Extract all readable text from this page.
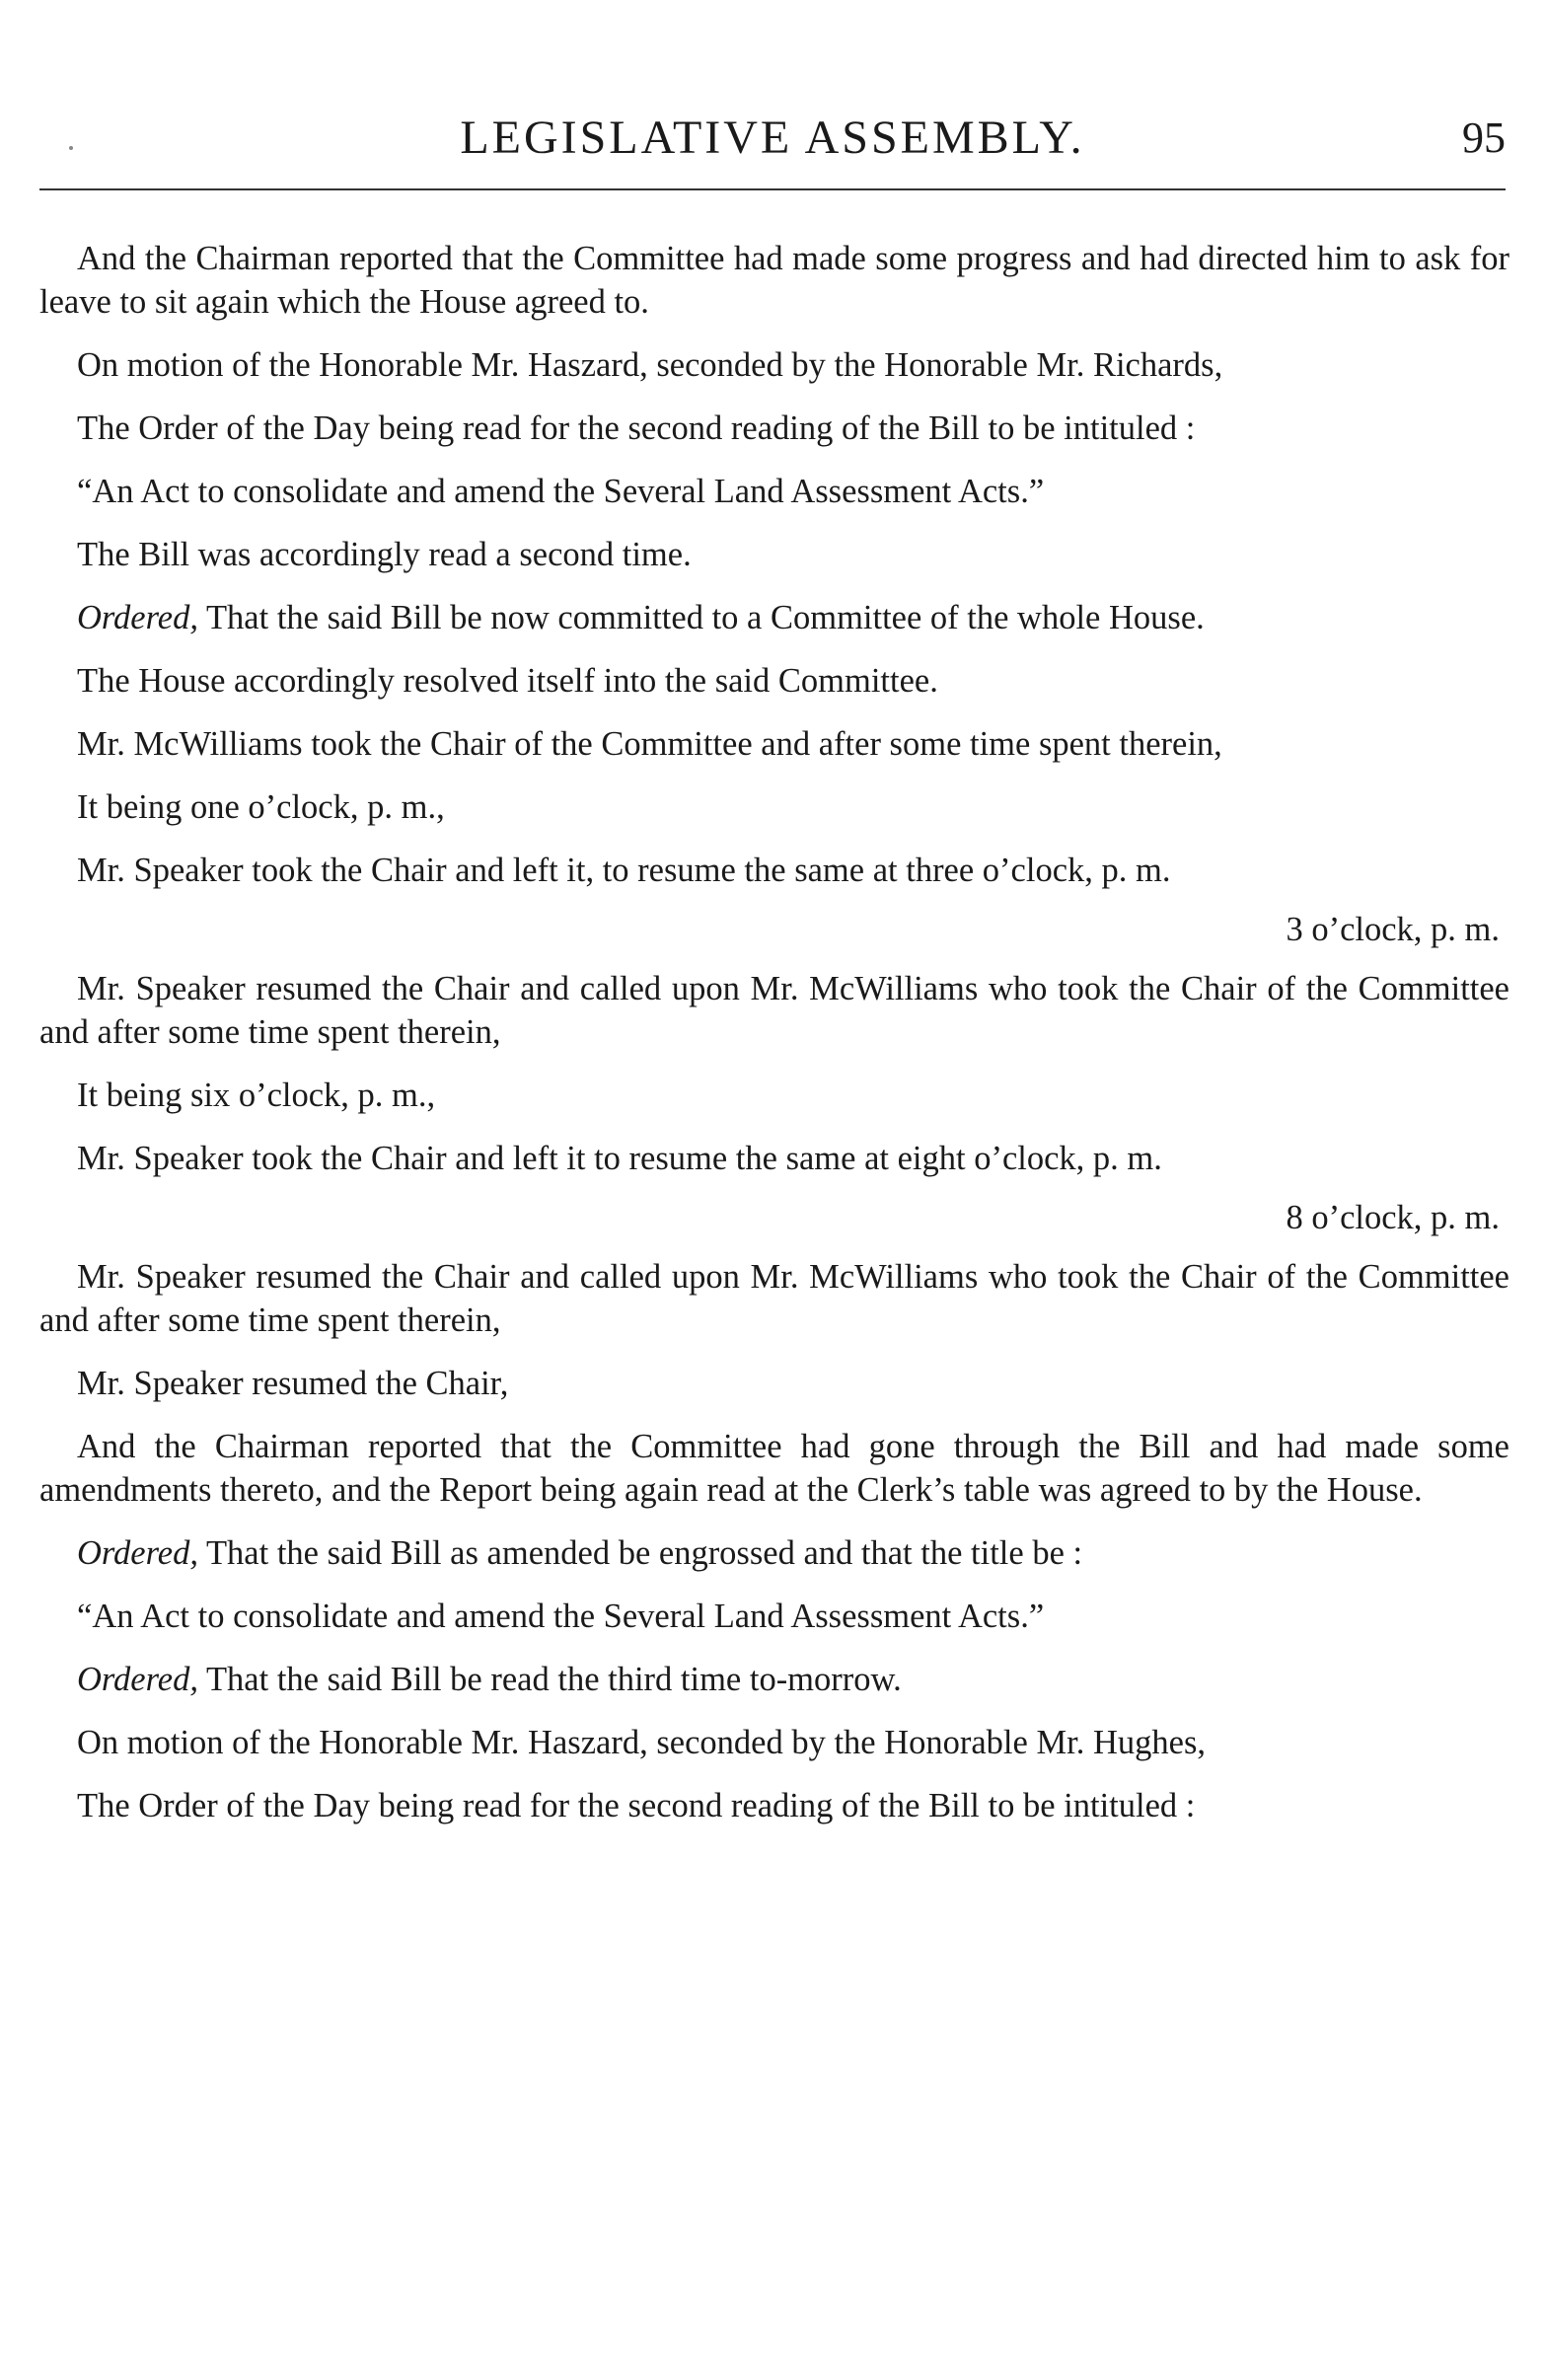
LEGISLATIVE ASSEMBLY.	95

And the Chairman reported that the Committee had made some progress and had directed him to ask for leave to sit again which the House agreed to.

On motion of the Honorable Mr. Haszard, seconded by the Honorable Mr. Richards,

The Order of the Day being read for the second reading of the Bill to be intituled :

“An Act to consolidate and amend the Several Land Assessment Acts.”

The Bill was accordingly read a second time.

Ordered, That the said Bill be now committed to a Committee of the whole House.

The House accordingly resolved itself into the said Committee.

Mr. McWilliams took the Chair of the Committee and after some time spent therein,

It being one o’clock, p. m.,

Mr. Speaker took the Chair and left it, to resume the same at three o’clock, p. m.

3 o’clock, p. m.

Mr. Speaker resumed the Chair and called upon Mr. McWilliams who took the Chair of the Committee and after some time spent therein,

It being six o’clock, p. m.,

Mr. Speaker took the Chair and left it to resume the same at eight o’clock, p. m.

8 o’clock, p. m.

Mr. Speaker resumed the Chair and called upon Mr. McWilliams who took the Chair of the Committee and after some time spent therein,

Mr. Speaker resumed the Chair,

And the Chairman reported that the Committee had gone through the Bill and had made some amendments thereto, and the Report being again read at the Clerk’s table was agreed to by the House.

Ordered, That the said Bill as amended be engrossed and that the title be :

“An Act to consolidate and amend the Several Land Assessment Acts.”

Ordered, That the said Bill be read the third time to-morrow.

On motion of the Honorable Mr. Haszard, seconded by the Honorable Mr. Hughes,

The Order of the Day being read for the second reading of the Bill to be intituled :
